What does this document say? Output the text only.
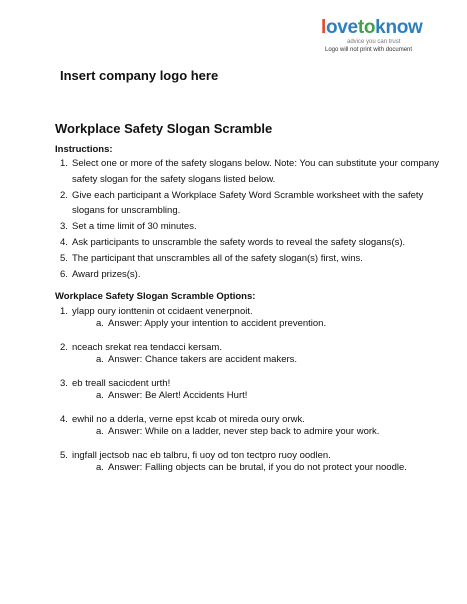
lovetoknow
advice you can trust
Logo will not print with document
Insert company logo here
Workplace Safety Slogan Scramble
Instructions:
1. Select one or more of the safety slogans below. Note: You can substitute your company safety slogan for the safety slogans listed below.
2. Give each participant a Workplace Safety Word Scramble worksheet with the safety slogans for unscrambling.
3. Set a time limit of 30 minutes.
4. Ask participants to unscramble the safety words to reveal the safety slogans(s).
5. The participant that unscrambles all of the safety slogan(s) first, wins.
6. Award prizes(s).
Workplace Safety Slogan Scramble Options:
1. ylapp oury ionttenin ot ccidaent venerpnoit.
a. Answer: Apply your intention to accident prevention.
2. nceach srekat rea tendacci kersam.
a. Answer: Chance takers are accident makers.
3. eb treall sacicdent urth!
a. Answer: Be Alert! Accidents Hurt!
4. ewhil no a dderla, verne epst kcab ot mireda oury orwk.
a. Answer: While on a ladder, never step back to admire your work.
5. ingfall jectsob nac eb talbru, fi uoy od ton tectpro ruoy oodlen.
a. Answer: Falling objects can be brutal, if you do not protect your noodle.
